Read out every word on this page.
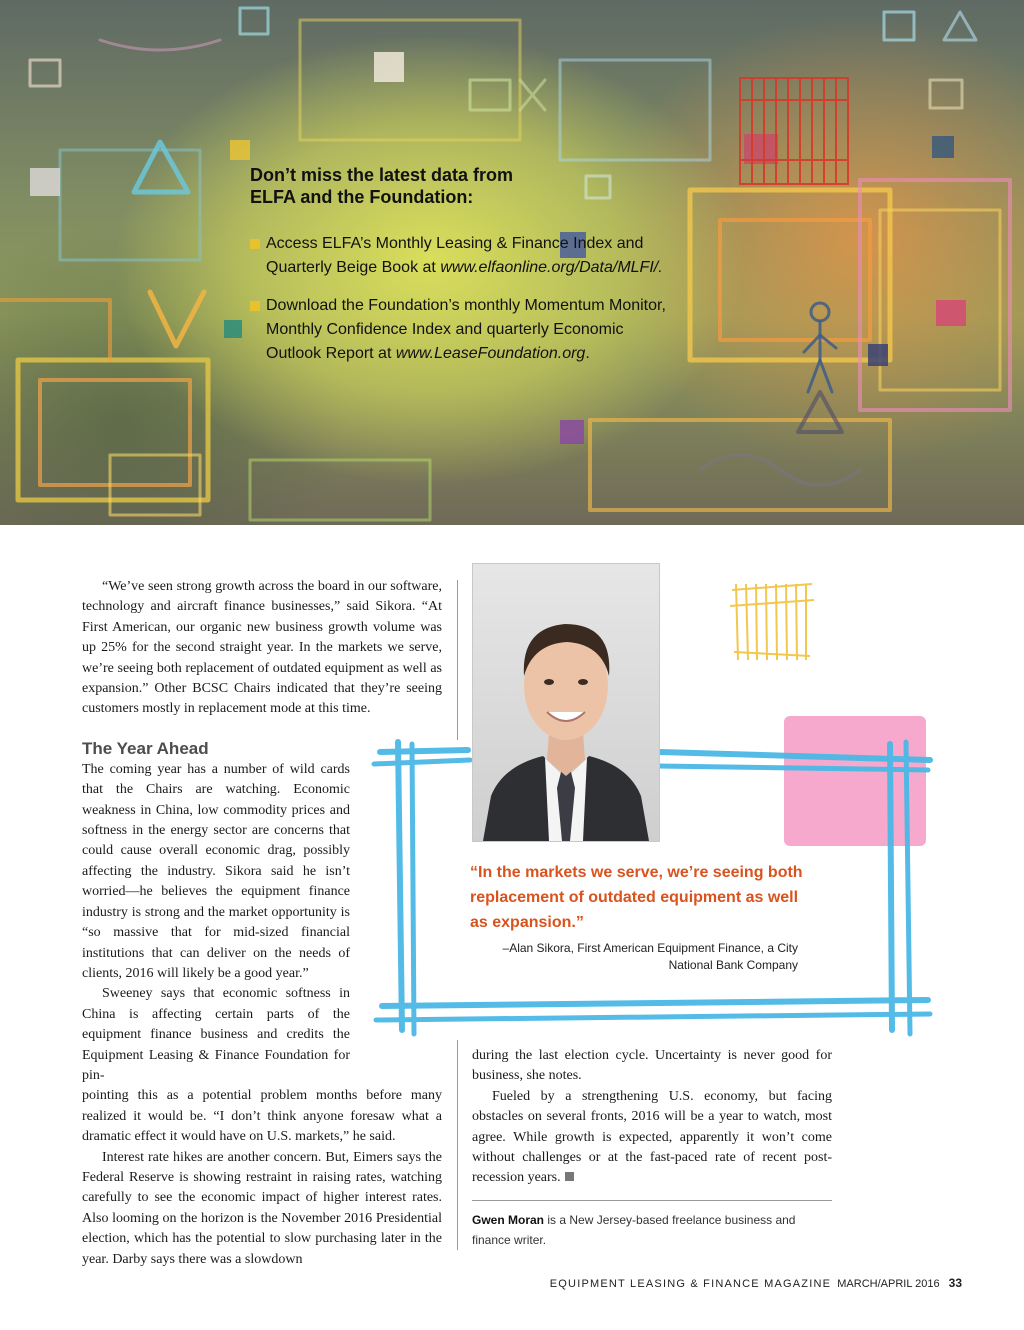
Don’t miss the latest data from
ELFA and the Foundation:
Access ELFA’s Monthly Leasing & Finance Index and Quarterly Beige Book at www.elfaonline.org/Data/MLFI/.
Download the Foundation’s monthly Momentum Monitor, Monthly Confidence Index and quarterly Economic Outlook Report at www.LeaseFoundation.org.

“We’ve seen strong growth across the board in our software, technology and aircraft finance businesses,” said Sikora. “At First American, our organic new business growth volume was up 25% for the second straight year. In the markets we serve, we’re seeing both replacement of outdated equipment as well as expansion.” Other BCSC Chairs indicated that they’re seeing customers mostly in replacement mode at this time.

The Year Ahead

The coming year has a number of wild cards that the Chairs are watching. Economic weakness in China, low commodity prices and softness in the energy sector are concerns that could cause overall economic drag, possibly affecting the industry. Sikora said he isn’t worried—he believes the equipment finance industry is strong and the market opportunity is “so massive that for mid-sized financial institutions that can deliver on the needs of clients, 2016 will likely be a good year.”

Sweeney says that economic softness in China is affecting certain parts of the equipment finance business and credits the Equipment Leasing & Finance Foundation for pin-

pointing this as a potential problem months before many realized it would be. “I don’t think anyone foresaw what a dramatic effect it would have on U.S. markets,” he said.

Interest rate hikes are another concern. But, Eimers says the Federal Reserve is showing restraint in raising rates, watching carefully to see the economic impact of higher interest rates. Also looming on the horizon is the November 2016 Presidential election, which has the potential to slow purchasing later in the year. Darby says there was a slowdown

“In the markets we serve, we’re seeing both replacement of outdated equipment as well as expansion.”
–Alan Sikora, First American Equipment Finance, a City National Bank Company

during the last election cycle. Uncertainty is never good for business, she notes.

Fueled by a strengthening U.S. economy, but facing obstacles on several fronts, 2016 will be a year to watch, most agree. While growth is expected, apparently it won’t come without challenges or at the fast-paced rate of recent post-recession years.

Gwen Moran is a New Jersey-based freelance business and finance writer.
EQUIPMENT LEASING & FINANCE MAGAZINE MARCH/APRIL 2016 33
